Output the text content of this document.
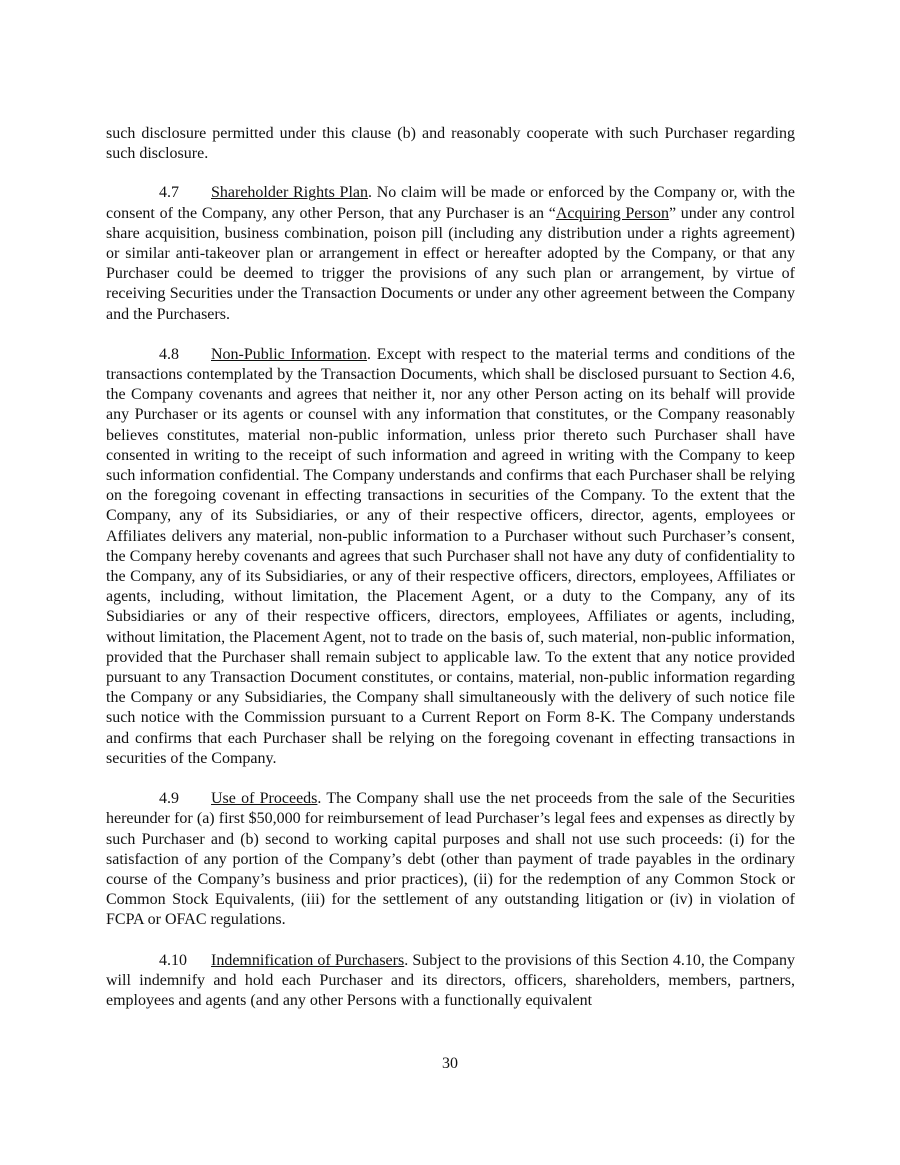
such disclosure permitted under this clause (b) and reasonably cooperate with such Purchaser regarding such disclosure.

4.7 Shareholder Rights Plan. No claim will be made or enforced by the Company or, with the consent of the Company, any other Person, that any Purchaser is an “Acquiring Person” under any control share acquisition, business combination, poison pill (including any distribution under a rights agreement) or similar anti-takeover plan or arrangement in effect or hereafter adopted by the Company, or that any Purchaser could be deemed to trigger the provisions of any such plan or arrangement, by virtue of receiving Securities under the Transaction Documents or under any other agreement between the Company and the Purchasers.

4.8 Non-Public Information. Except with respect to the material terms and conditions of the transactions contemplated by the Transaction Documents, which shall be disclosed pursuant to Section 4.6, the Company covenants and agrees that neither it, nor any other Person acting on its behalf will provide any Purchaser or its agents or counsel with any information that constitutes, or the Company reasonably believes constitutes, material non-public information, unless prior thereto such Purchaser shall have consented in writing to the receipt of such information and agreed in writing with the Company to keep such information confidential. The Company understands and confirms that each Purchaser shall be relying on the foregoing covenant in effecting transactions in securities of the Company. To the extent that the Company, any of its Subsidiaries, or any of their respective officers, director, agents, employees or Affiliates delivers any material, non-public information to a Purchaser without such Purchaser’s consent, the Company hereby covenants and agrees that such Purchaser shall not have any duty of confidentiality to the Company, any of its Subsidiaries, or any of their respective officers, directors, employees, Affiliates or agents, including, without limitation, the Placement Agent, or a duty to the Company, any of its Subsidiaries or any of their respective officers, directors, employees, Affiliates or agents, including, without limitation, the Placement Agent, not to trade on the basis of, such material, non-public information, provided that the Purchaser shall remain subject to applicable law. To the extent that any notice provided pursuant to any Transaction Document constitutes, or contains, material, non-public information regarding the Company or any Subsidiaries, the Company shall simultaneously with the delivery of such notice file such notice with the Commission pursuant to a Current Report on Form 8-K. The Company understands and confirms that each Purchaser shall be relying on the foregoing covenant in effecting transactions in securities of the Company.

4.9 Use of Proceeds. The Company shall use the net proceeds from the sale of the Securities hereunder for (a) first $50,000 for reimbursement of lead Purchaser’s legal fees and expenses as directly by such Purchaser and (b) second to working capital purposes and shall not use such proceeds: (i) for the satisfaction of any portion of the Company’s debt (other than payment of trade payables in the ordinary course of the Company’s business and prior practices), (ii) for the redemption of any Common Stock or Common Stock Equivalents, (iii) for the settlement of any outstanding litigation or (iv) in violation of FCPA or OFAC regulations.

4.10 Indemnification of Purchasers. Subject to the provisions of this Section 4.10, the Company will indemnify and hold each Purchaser and its directors, officers, shareholders, members, partners, employees and agents (and any other Persons with a functionally equivalent

30
